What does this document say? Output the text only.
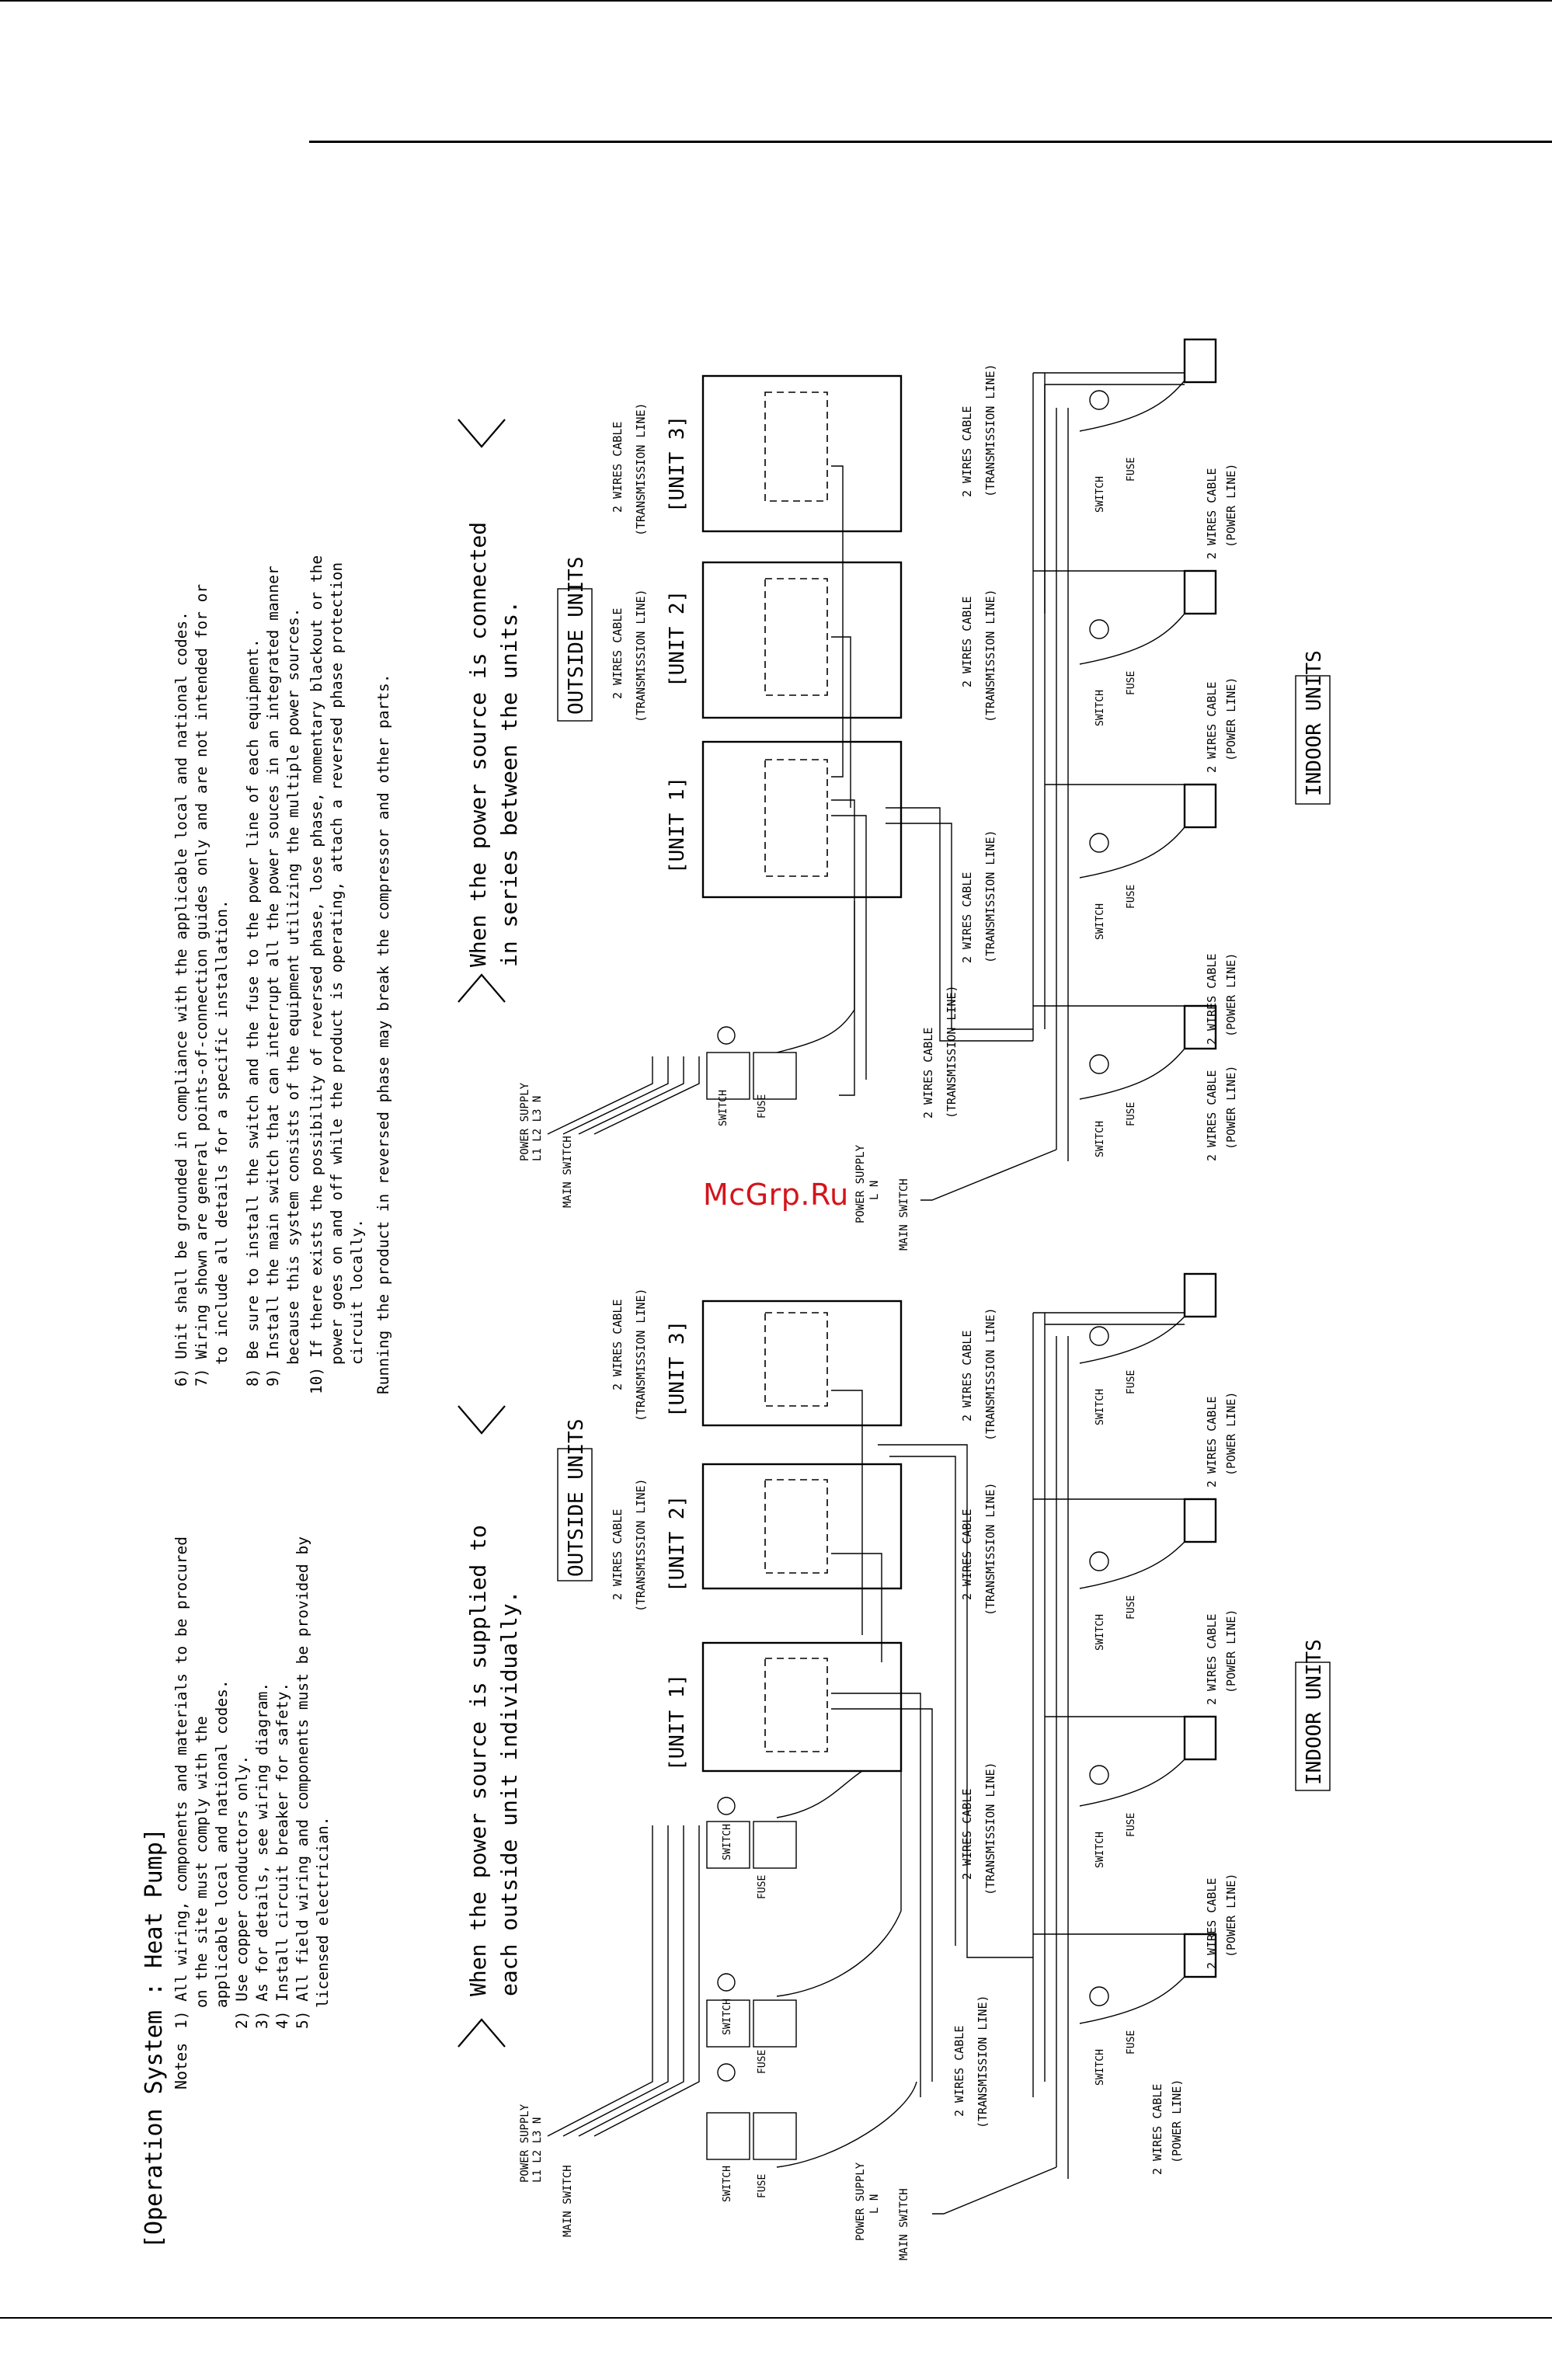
[Operation System : Heat Pump] Notes
1) All wiring, components and materials to be procured on the site must comply with the applicable local and national codes. 2) Use copper conductors only. 3) As for details, see wiring diagram. 4) Install circuit breaker for safety. 5) All field wiring and components must be provided by licensed electrician.
6) Unit shall be grounded in compliance with the applicable local and national codes. 7) Wiring shown are general points-of-connection guides only and are not intended for or to include all details for a specific installation. 8) Be sure to install the switch and the fuse to the power line of each equipment. 9) Install the main switch that can interrupt all the power souces in an integrated manner because this system consists of the equipment utilizing the multiple power sources. 10) If there exists the possibility of reversed phase, lose phase, momentary blackout or the power goes on and off while the product is operating, attach a reversed phase protection circuit locally. Running the product in reversed phase may break the compressor and other parts.
When the power source is supplied to each outside unit individually.
When the power source is connected in series between the units. OUTSIDE UNITS
[UNIT 3]
[UNIT 2]
[UNIT 1]
2 WIRES CABLE (TRANSMISSION LINE)
2 WIRES CABLE (TRANSMISSION LINE)
2 WIRES CABLE (TRANSMISSION LINE)
2 WIRES CABLE (TRANSMISSION LINE)
2 WIRES CABLE (TRANSMISSION LINE)
2 WIRES CABLE (TRANSMISSION LINE)
POWER SUPPLY L1 L2 L3 N
MAIN SWITCH
SWITCH	FUSE
INDOOR UNITS
SWITCH
FUSE
SWITCH
FUSE
SWITCH
FUSE
SWITCH
FUSE
2 WIRES CABLE (POWER LINE)
2 WIRES CABLE (POWER LINE)
2 WIRES CABLE (POWER LINE)
2 WIRES CABLE (POWER LINE)
POWER SUPPLY L N MAIN SWITCH
OUTSIDE UNITS
[UNIT 3]
[UNIT 2]
[UNIT 1]
2 WIRES CABLE (TRANSMISSION LINE)
2 WIRES CABLE (TRANSMISSION LINE)
2 WIRES CABLE (TRANSMISSION LINE)
2 WIRES CABLE (TRANSMISSION LINE)
2 WIRES CABLE (TRANSMISSION LINE)
2 WIRES CABLE (TRANSMISSION LINE)
SWITCH
FUSE
SWITCH
FUSE
SWITCH FUSE
POWER SUPPLY L1 L2 L3 N
MAIN SWITCH
INDOOR UNITS
SWITCH
FUSE
SWITCH
FUSE
SWITCH
FUSE
SWITCH
FUSE
2 WIRES CABLE (POWER LINE)
2 WIRES CABLE (POWER LINE)
2 WIRES CABLE (POWER LINE)
2 WIRES CABLE (POWER LINE)
POWER SUPPLY L N MAIN SWITCH
McGrp.Ru
